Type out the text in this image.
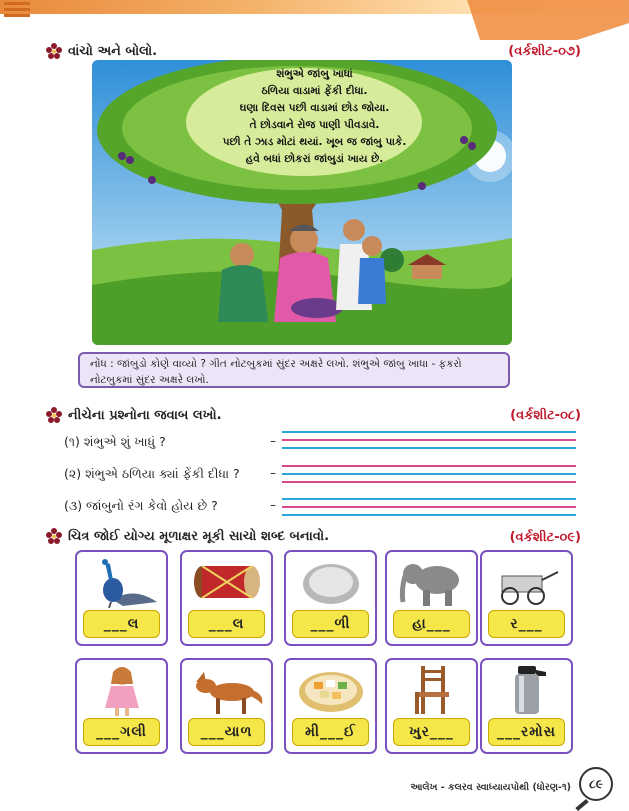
વાંચો અને બોલો.	(વર્કશીટ-૦૭)
શંભુએ જાંબુ ખાધાં
ઠળિયા વાડામાં ફેંકી દીધા.
ઘણા દિવસ પછી વાડામાં છોડ જોયા.
તે છોડવાને રોજ પાણી પીવડાવે.
પછી તે ઝાડ મોટાં થયાં. ખૂબ જ જાંબુ પાકે.
હવે બધાં છોકરાં જાંબુડાં ખાય છે.
નોંધ : જાંબુડો કોણે વાવ્યો ? ગીત નોટબુકમાં સુંદર અક્ષરે લખો. શંભુએ જાંબુ ખાધા - ફકરો નોટબુકમાં સુંદર અક્ષરે લખો.
નીચેના પ્રશ્નોના જવાબ લખો.	(વર્કશીટ-૦૮)
(૧) શંભુએ શું ખાધું ?	–
(૨) શંભુએ ઠળિયા ક્યાં ફેંકી દીધા ?	–
(૩) જાંબુનો રંગ કેવો હોય છે ?	–
ચિત્ર જોઈ યોગ્ય મૂળાક્ષર મૂકી સાચો શબ્દ બનાવો.	(વર્કશીટ-૦૯)
___ લ	___ લ	___ ળી	હા ___	ર ___
___ ગલી	___ યાળ	મી ___ ઈ	ખુર ___	___ રમોસ
આલેખ - કલરવ સ્વાધ્યાયપોથી (ધોરણ-૧)	૮૯
